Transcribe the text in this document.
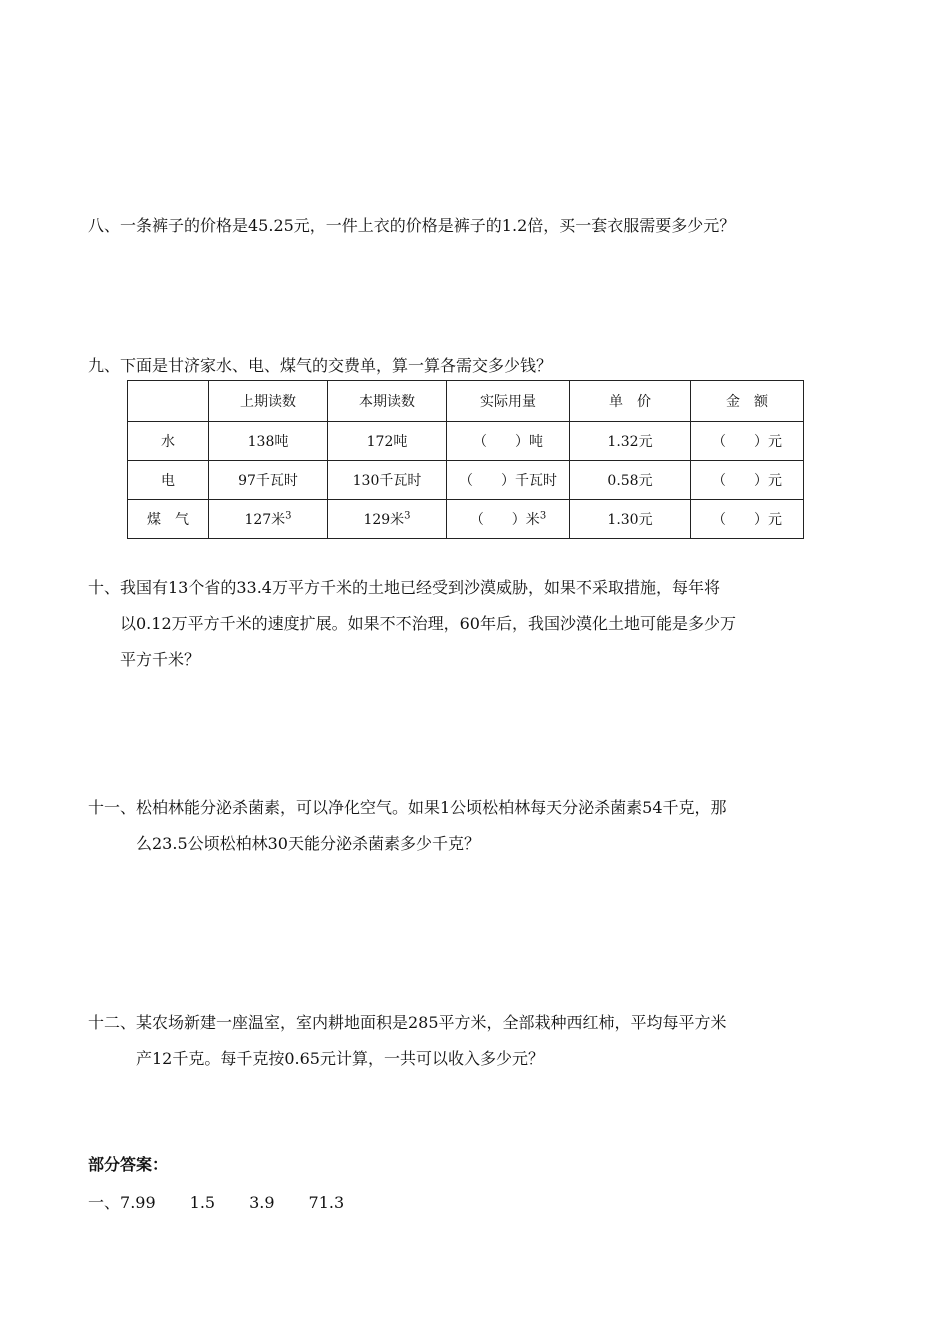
八、一条裤子的价格是45.25元，一件上衣的价格是裤子的1.2倍，买一套衣服需要多少元？
九、下面是甘济家水、电、煤气的交费单，算一算各需交多少钱？
	上期读数	本期读数	实际用量	单　价	金　额
水	138吨	172吨	（　　）吨	1.32元	（　　）元
电	97千瓦时	130千瓦时	（　　）千瓦时	0.58元	（　　）元
煤　气	127米$^3$	129米$^3$	（　　）米$^3$	1.30元	（　　）元
十、我国有13个省的33.4万平方千米的土地已经受到沙漠威胁，如果不采取措施，每年将
以0.12万平方千米的速度扩展。如果不不治理，60年后，我国沙漠化土地可能是多少万
平方千米？
十一、松柏林能分泌杀菌素，可以净化空气。如果1公顷松柏林每天分泌杀菌素54千克，那
么23.5公顷松柏林30天能分泌杀菌素多少千克？
十二、某农场新建一座温室，室内耕地面积是285平方米，全部栽种西红柿，平均每平方米
产12千克。每千克按0.65元计算，一共可以收入多少元？
部分答案：
一、7.99 1.5 3.9 71.3
